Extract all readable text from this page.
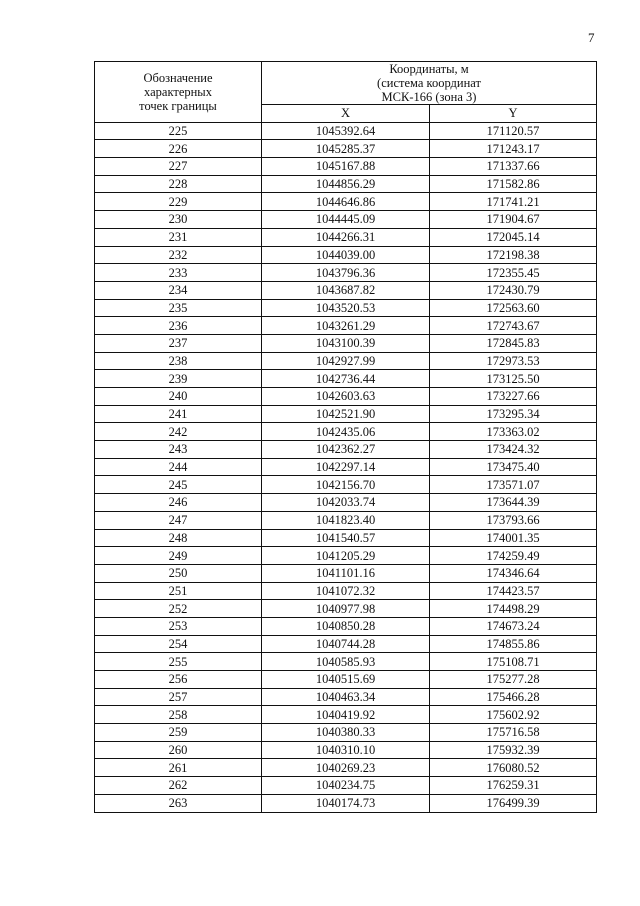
7
Обозначение
характерных
точек границы	Координаты, м
(система координат
МСК-166 (зона 3)	

	X	Y
225	1045392.64	171120.57
226	1045285.37	171243.17
227	1045167.88	171337.66
228	1044856.29	171582.86
229	1044646.86	171741.21
230	1044445.09	171904.67
231	1044266.31	172045.14
232	1044039.00	172198.38
233	1043796.36	172355.45
234	1043687.82	172430.79
235	1043520.53	172563.60
236	1043261.29	172743.67
237	1043100.39	172845.83
238	1042927.99	172973.53
239	1042736.44	173125.50
240	1042603.63	173227.66
241	1042521.90	173295.34
242	1042435.06	173363.02
243	1042362.27	173424.32
244	1042297.14	173475.40
245	1042156.70	173571.07
246	1042033.74	173644.39
247	1041823.40	173793.66
248	1041540.57	174001.35
249	1041205.29	174259.49
250	1041101.16	174346.64
251	1041072.32	174423.57
252	1040977.98	174498.29
253	1040850.28	174673.24
254	1040744.28	174855.86
255	1040585.93	175108.71
256	1040515.69	175277.28
257	1040463.34	175466.28
258	1040419.92	175602.92
259	1040380.33	175716.58
260	1040310.10	175932.39
261	1040269.23	176080.52
262	1040234.75	176259.31
263	1040174.73	176499.39
